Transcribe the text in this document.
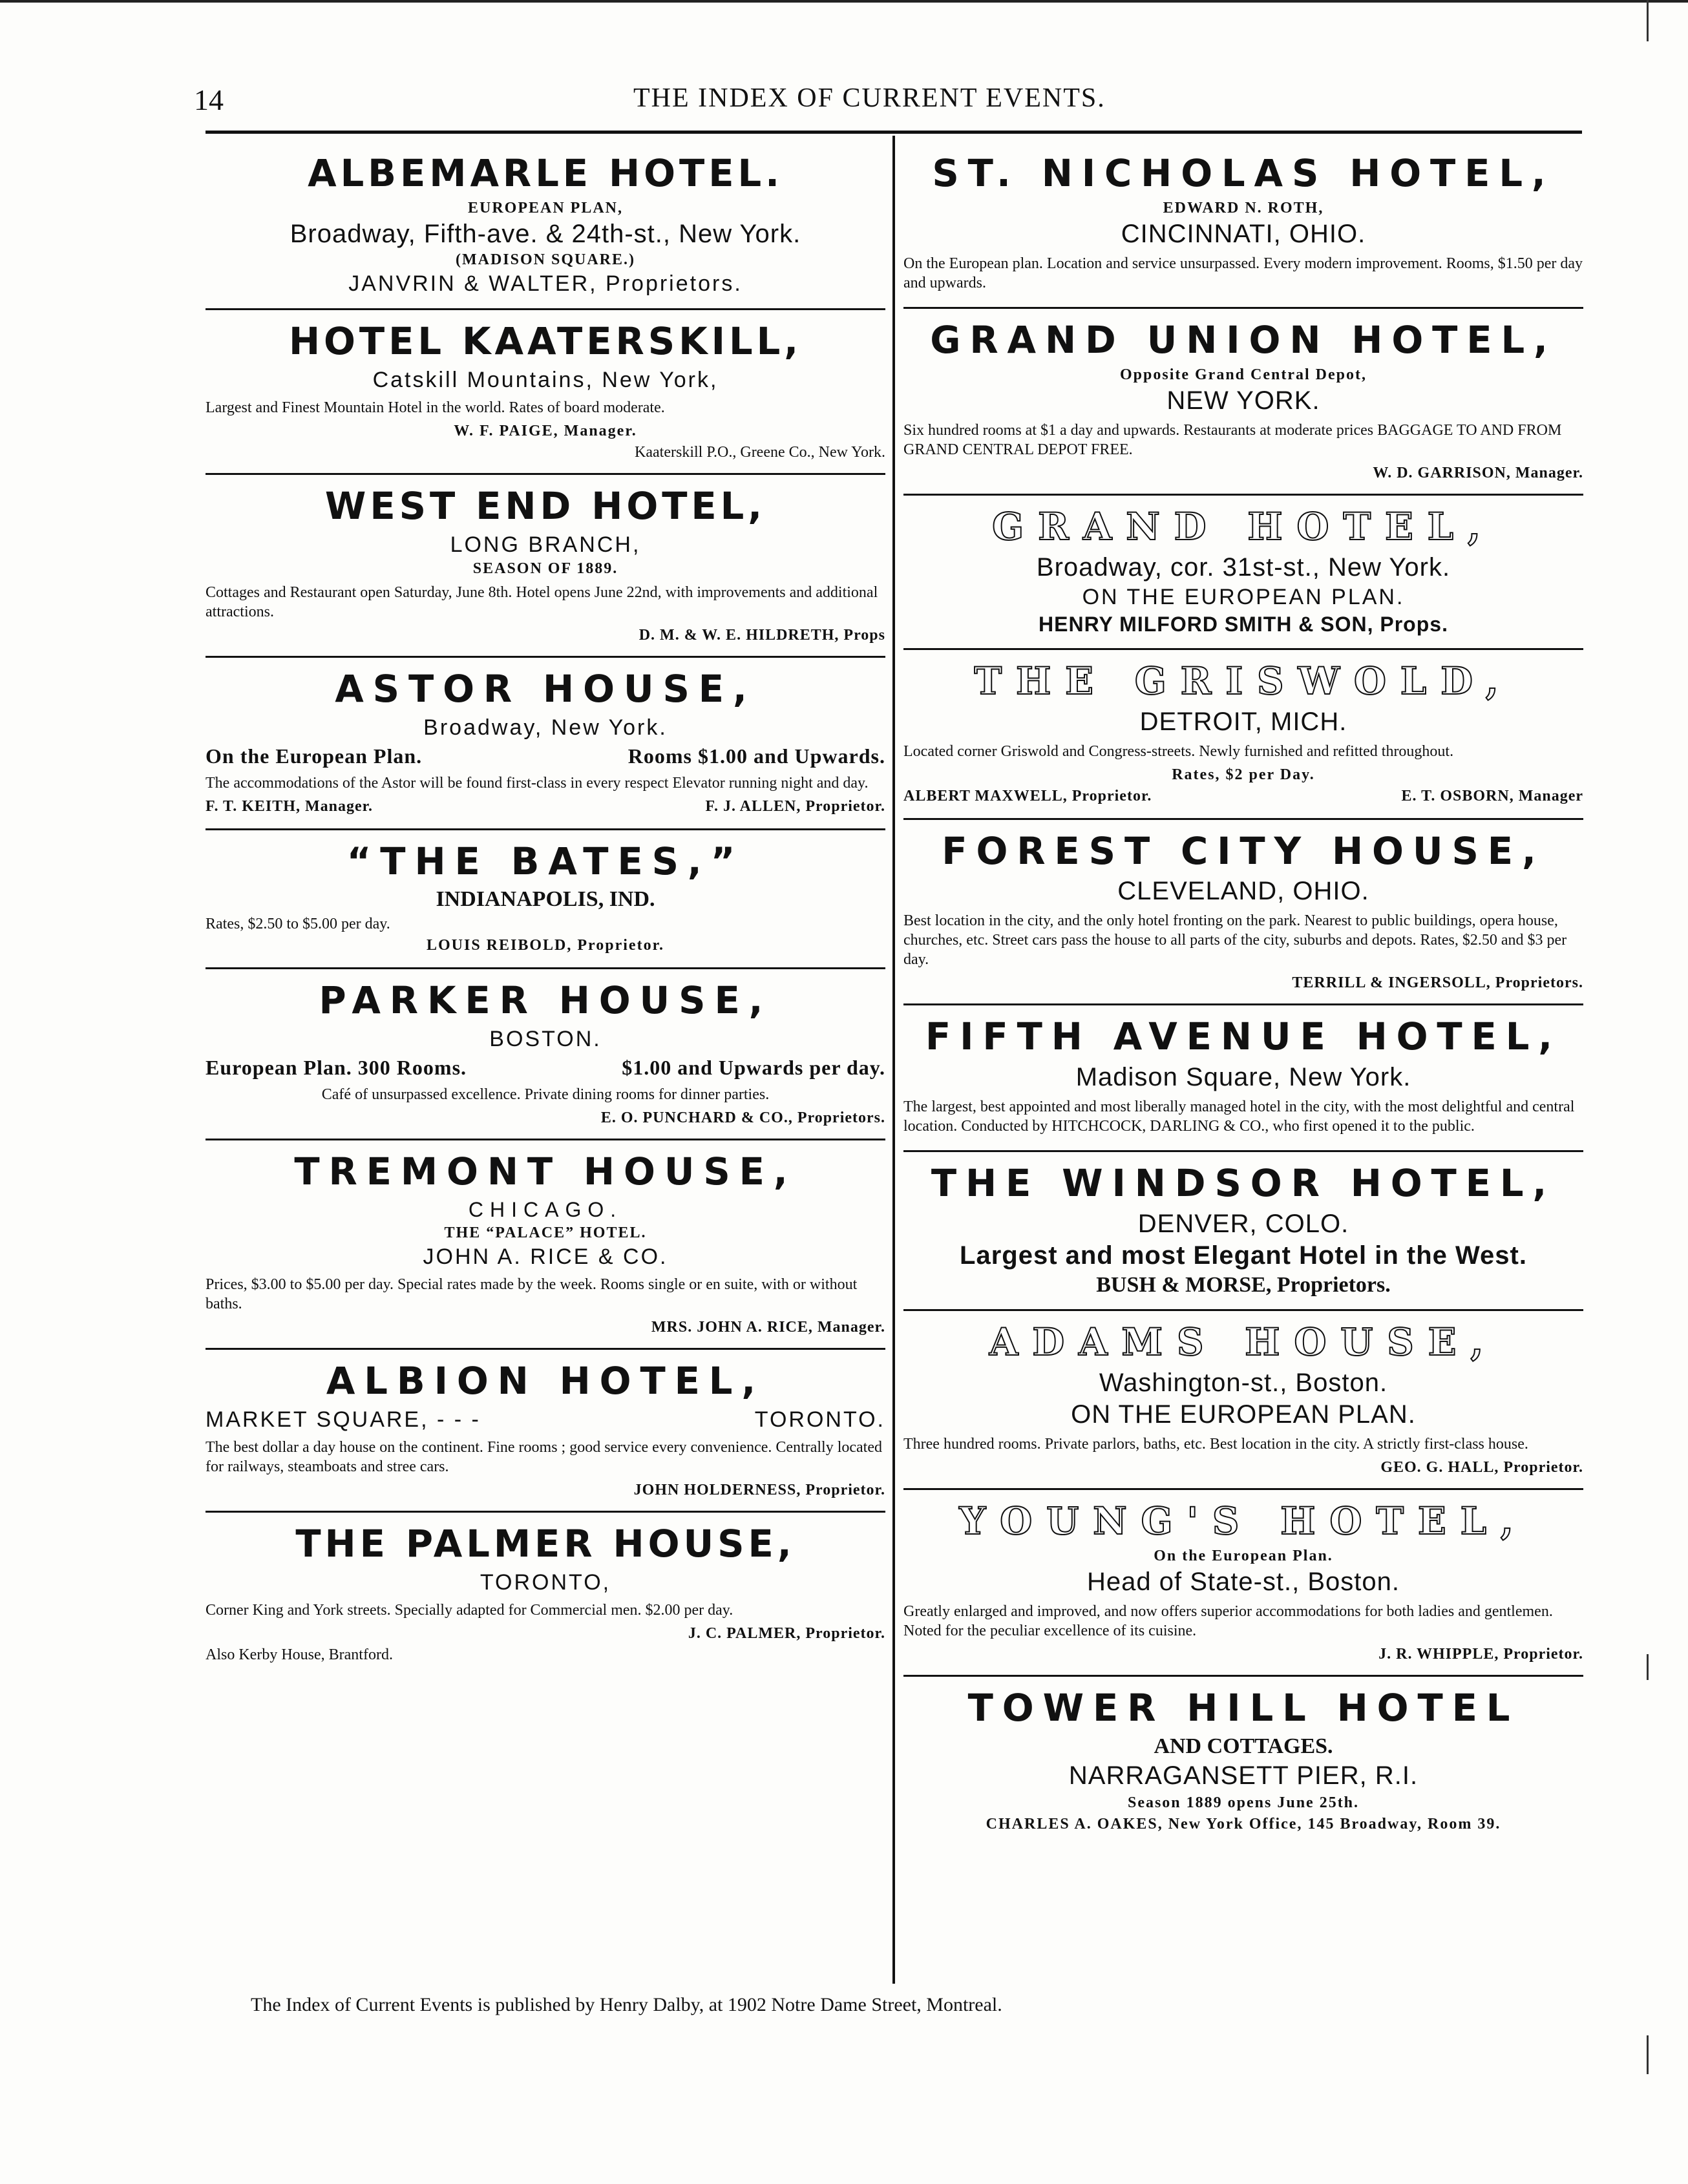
14	THE INDEX OF CURRENT EVENTS.
ALBEMARLE HOTEL.
EUROPEAN PLAN,
Broadway, Fifth-ave. & 24th-st., New York.
(MADISON SQUARE.)
JANVRIN & WALTER, Proprietors.
HOTEL KAATERSKILL,
Catskill Mountains, New York,
Largest and Finest Mountain Hotel in the world. Rates of board moderate.
W. F. PAIGE, Manager.
Kaaterskill P.O., Greene Co., New York.
WEST END HOTEL,
LONG BRANCH,
SEASON OF 1889.
Cottages and Restaurant open Saturday, June 8th. Hotel opens June 22nd, with improvements and additional attractions.
D. M. & W. E. HILDRETH, Props
ASTOR HOUSE,
Broadway, New York.
On the European Plan.	Rooms $1.00 and Upwards.
The accommodations of the Astor will be found first-class in every respect Elevator running night and day.
F. T. KEITH, Manager.	F. J. ALLEN, Proprietor.
“THE BATES,”
INDIANAPOLIS, IND.
Rates, $2.50 to $5.00 per day.
LOUIS REIBOLD, Proprietor.
PARKER HOUSE,
BOSTON.
European Plan. 300 Rooms.	$1.00 and Upwards per day.
Café of unsurpassed excellence. Private dining rooms for dinner parties.
E. O. PUNCHARD & CO., Proprietors.
TREMONT HOUSE,
CHICAGO.
THE “PALACE” HOTEL.
JOHN A. RICE & CO.
Prices, $3.00 to $5.00 per day. Special rates made by the week. Rooms single or en suite, with or without baths.
MRS. JOHN A. RICE, Manager.
ALBION HOTEL,
MARKET SQUARE, - - -	TORONTO.
The best dollar a day house on the continent. Fine rooms ; good service every convenience. Centrally located for railways, steamboats and stree cars.
JOHN HOLDERNESS, Proprietor.
THE PALMER HOUSE,
TORONTO,
Corner King and York streets. Specially adapted for Commercial men. $2.00 per day.
J. C. PALMER, Proprietor.
Also Kerby House, Brantford.
ST. NICHOLAS HOTEL,
EDWARD N. ROTH,
CINCINNATI, OHIO.
On the European plan. Location and service unsurpassed. Every modern improvement. Rooms, $1.50 per day and upwards.
GRAND UNION HOTEL,
Opposite Grand Central Depot,
NEW YORK.
Six hundred rooms at $1 a day and upwards. Restaurants at moderate prices BAGGAGE TO AND FROM GRAND CENTRAL DEPOT FREE.
W. D. GARRISON, Manager.
GRAND HOTEL,
Broadway, cor. 31st-st., New York.
ON THE EUROPEAN PLAN.
HENRY MILFORD SMITH & SON, Props.
THE GRISWOLD,
DETROIT, MICH.
Located corner Griswold and Congress-streets. Newly furnished and refitted throughout.
Rates, $2 per Day.
ALBERT MAXWELL, Proprietor.	E. T. OSBORN, Manager
FOREST CITY HOUSE,
CLEVELAND, OHIO.
Best location in the city, and the only hotel fronting on the park. Nearest to public buildings, opera house, churches, etc. Street cars pass the house to all parts of the city, suburbs and depots. Rates, $2.50 and $3 per day.
TERRILL & INGERSOLL, Proprietors.
FIFTH AVENUE HOTEL,
Madison Square, New York.
The largest, best appointed and most liberally managed hotel in the city, with the most delightful and central location. Conducted by HITCHCOCK, DARLING & CO., who first opened it to the public.
THE WINDSOR HOTEL,
DENVER, COLO.
Largest and most Elegant Hotel in the West.
BUSH & MORSE, Proprietors.
ADAMS HOUSE,
Washington-st., Boston.
ON THE EUROPEAN PLAN.
Three hundred rooms. Private parlors, baths, etc. Best location in the city. A strictly first-class house.
GEO. G. HALL, Proprietor.
YOUNG'S HOTEL,
On the European Plan.
Head of State-st., Boston.
Greatly enlarged and improved, and now offers superior accommodations for both ladies and gentlemen. Noted for the peculiar excellence of its cuisine.
J. R. WHIPPLE, Proprietor.
TOWER HILL HOTEL
AND COTTAGES.
NARRAGANSETT PIER, R.I.
Season 1889 opens June 25th.
CHARLES A. OAKES, New York Office, 145 Broadway, Room 39.
The Index of Current Events is published by Henry Dalby, at 1902 Notre Dame Street, Montreal.
